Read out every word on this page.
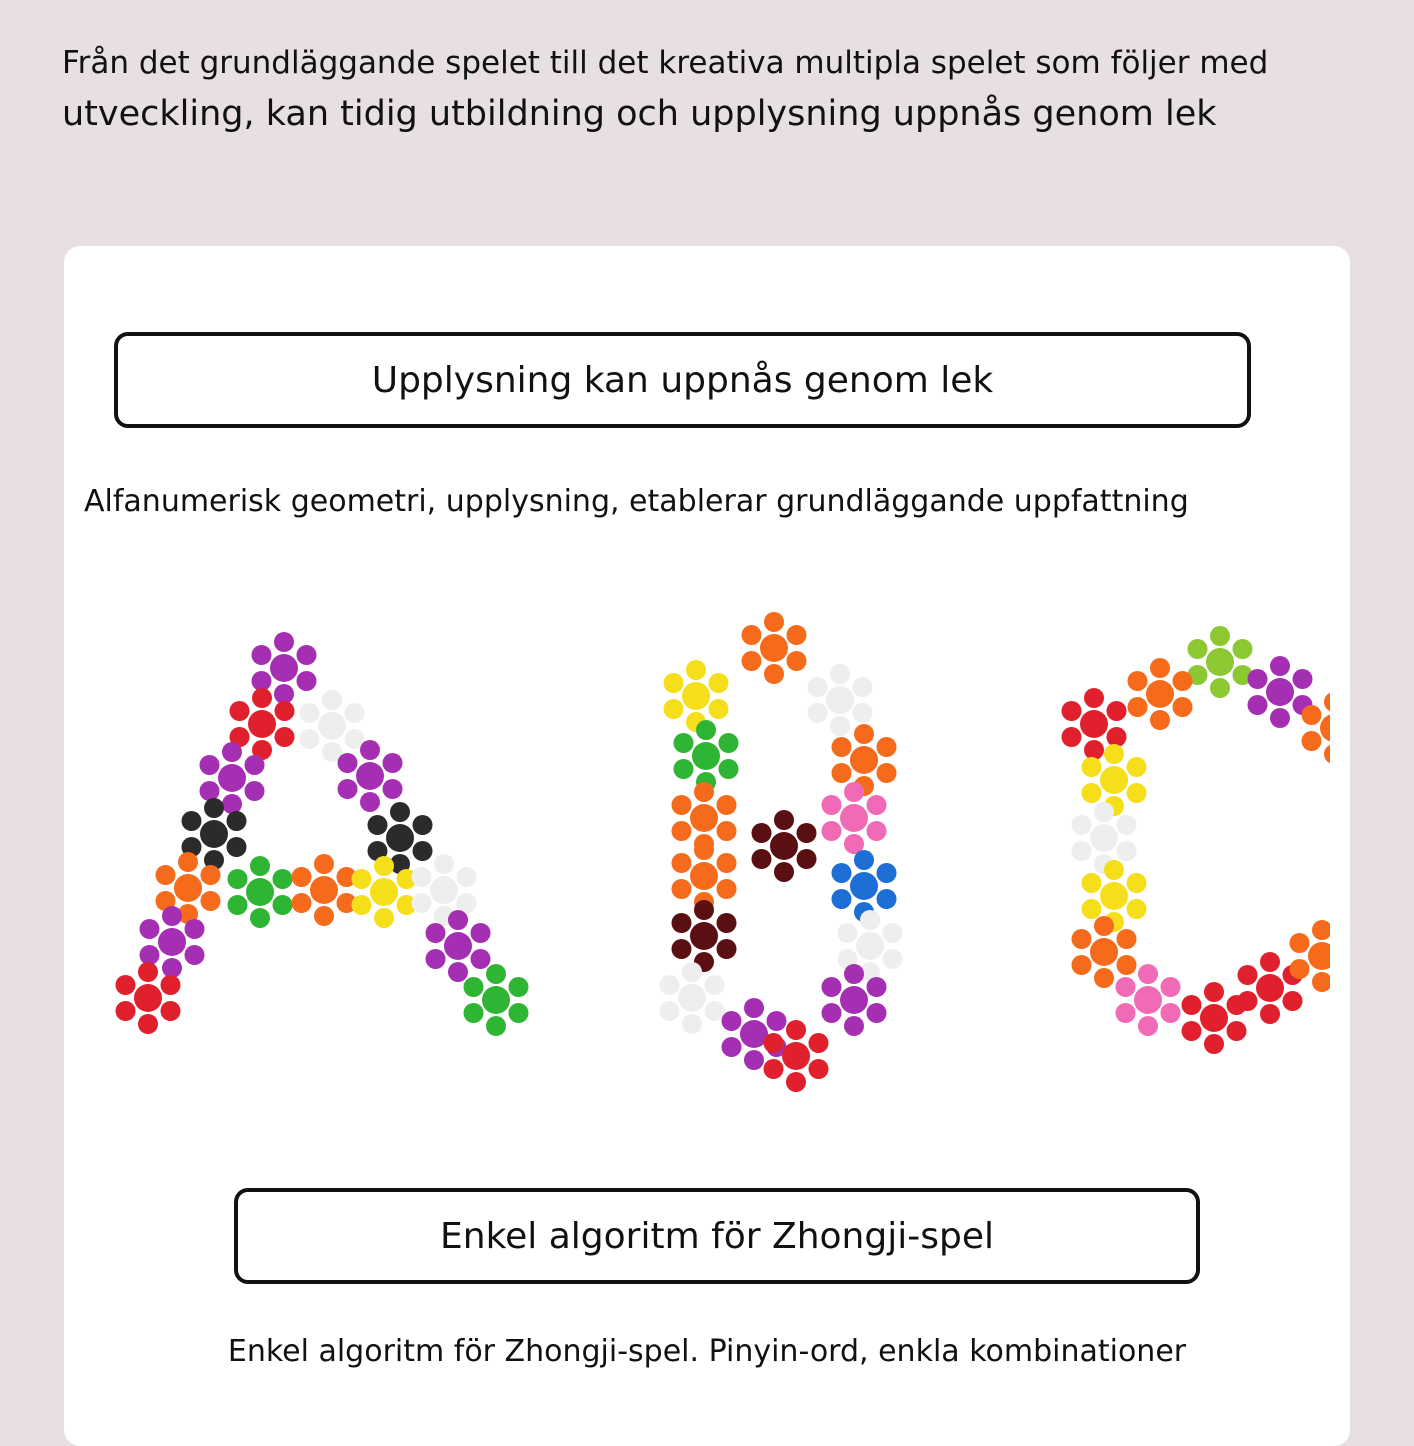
Från det grundläggande spelet till det kreativa multipla spelet som följer med
utveckling, kan tidig utbildning och upplysning uppnås genom lek
Upplysning kan uppnås genom lek
Alfanumerisk geometri, upplysning, etablerar grundläggande uppfattning
Enkel algoritm för Zhongji-spel
Enkel algoritm för Zhongji-spel. Pinyin-ord, enkla kombinationer
